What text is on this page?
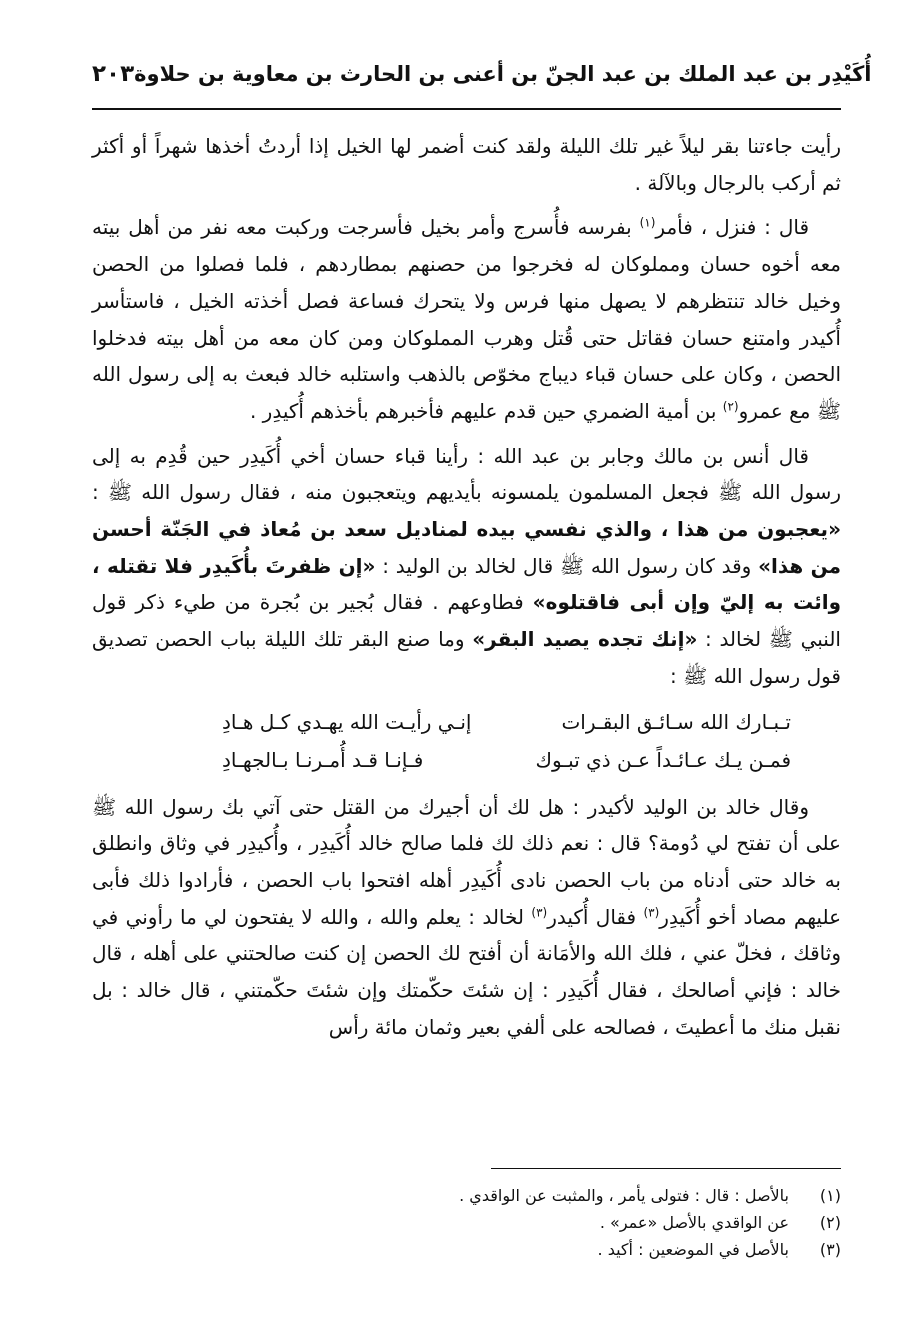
٢٠٣ أُكَيْدِر بن عبد الملك بن عبد الجنّ بن أعنى بن الحارث بن معاوية بن حلاوة

رأيت جاءتنا بقر ليلاً غير تلك الليلة ولقد كنت أضمر لها الخيل إذا أردتُ أخذها شهراً أو أكثر ثم أركب بالرجال وبالآلة .

قال : فنزل ، فأمر$^{(١)}$ بفرسه فأُسرج وأمر بخيل فأسرجت وركبت معه نفر من أهل بيته معه أخوه حسان ومملوكان له فخرجوا من حصنهم بمطاردهم ، فلما فصلوا من الحصن وخيل خالد تنتظرهم لا يصهل منها فرس ولا يتحرك فساعة فصل أخذته الخيل ، فاستأسر أُكيدر وامتنع حسان فقاتل حتى قُتل وهرب المملوكان ومن كان معه من أهل بيته فدخلوا الحصن ، وكان على حسان قباء ديباج مخوّص بالذهب واستلبه خالد فبعث به إلى رسول الله ﷺ مع عمرو$^{(٢)}$ بن أمية الضمري حين قدم عليهم فأخبرهم بأخذهم أُكيدِر .

قال أنس بن مالك وجابر بن عبد الله : رأينا قباء حسان أخي أُكَيدِر حين قُدِم به إلى رسول الله ﷺ فجعل المسلمون يلمسونه بأيديهم ويتعجبون منه ، فقال رسول الله ﷺ : «يعجبون من هذا ، والذي نفسي بيده لمناديل سعد بن مُعاذ في الجَنّة أحسن من هذا» وقد كان رسول الله ﷺ قال لخالد بن الوليد : «إن ظفرتَ بأُكَيدِر فلا تقتله ، وائت به إليّ وإن أبى فاقتلوه» فطاوعهم . فقال بُجير بن بُجرة من طيء ذكر قول النبي ﷺ لخالد : «إنك تجده يصيد البقر» وما صنع البقر تلك الليلة بباب الحصن تصديق قول رسول الله ﷺ :

تـبـارك الله سـائـق البقـرات
إنـي رأيـت الله يهـدي كـل هـادِ
فمـن يـك عـائـداً عـن ذي تبـوك
فـإنـا قـد أُمـرنـا بـالجهـادِ

وقال خالد بن الوليد لأكيدر : هل لك أن أجيرك من القتل حتى آتي بك رسول الله ﷺ على أن تفتح لي دُومة؟ قال : نعم ذلك لك فلما صالح خالد أُكَيدِر ، وأُكيدِر في وثاق وانطلق به خالد حتى أدناه من باب الحصن نادى أُكَيدِر أهله افتحوا باب الحصن ، فأرادوا ذلك فأبى عليهم مصاد أخو أُكَيدِر$^{(٣)}$ فقال أُكيدر$^{(٣)}$ لخالد : يعلم والله ، والله لا يفتحون لي ما رأوني في وثاقك ، فخلّ عني ، فلك الله والأمَانة أن أفتح لك الحصن إن كنت صالحتني على أهله ، قال خالد : فإني أصالحك ، فقال أُكَيدِر : إن شئتَ حكّمتك وإن شئتَ حكّمتني ، قال خالد : بل نقبل منك ما أعطيتَ ، فصالحه على ألفي بعير وثمان مائة رأس

(١)
بالأصل : قال : فتولى يأمر ، والمثبت عن الواقدي .
(٢)
عن الواقدي بالأصل «عمر» .
(٣)
بالأصل في الموضعين : أكيد .
